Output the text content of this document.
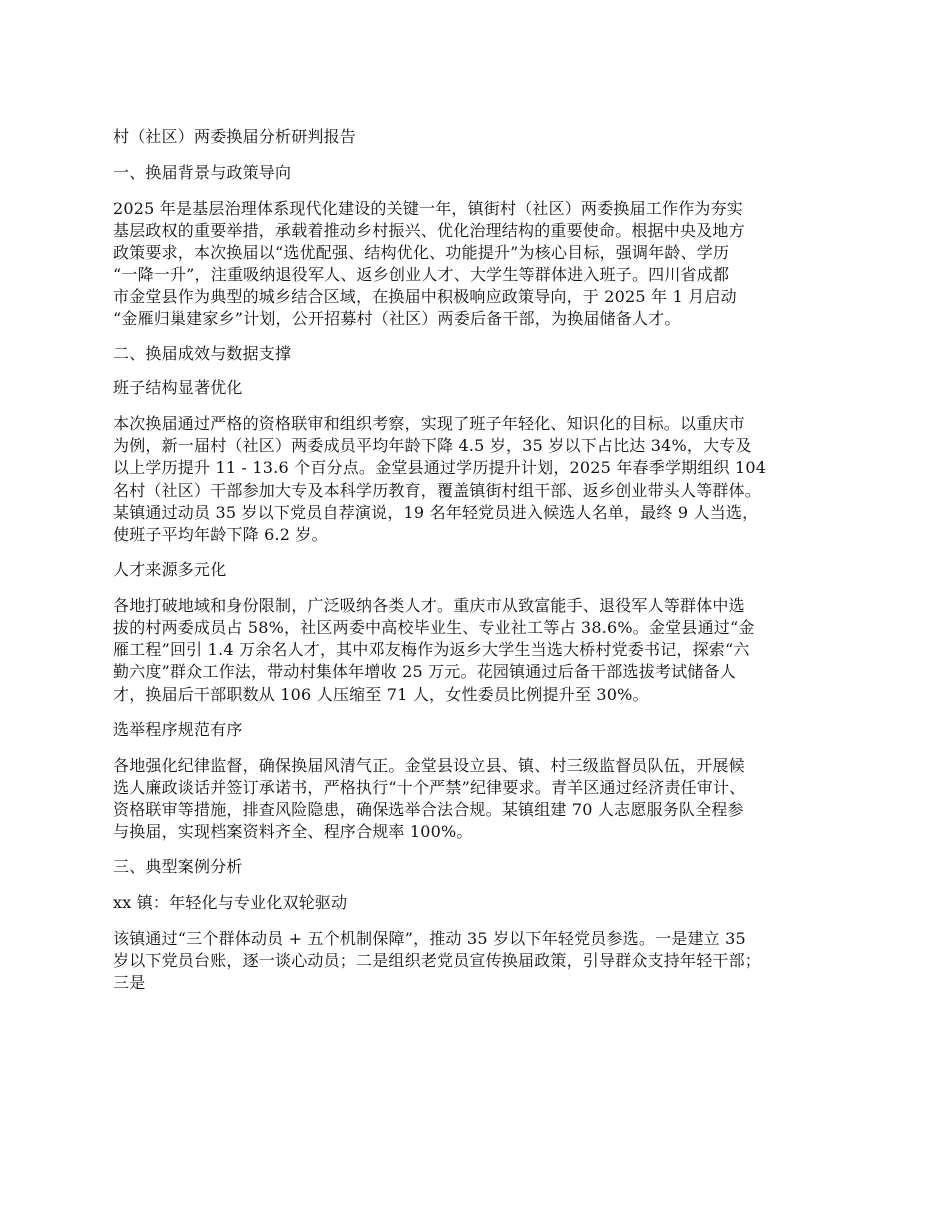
村（社区）两委换届分析研判报告
一、换届背景与政策导向
2025 年是基层治理体系现代化建设的关键一年，镇街村（社区）两委换届工作作为夯实
基层政权的重要举措，承载着推动乡村振兴、优化治理结构的重要使命。根据中央及地方
政策要求，本次换届以“选优配强、结构优化、功能提升”为核心目标，强调年龄、学历
“一降一升”，注重吸纳退役军人、返乡创业人才、大学生等群体进入班子。四川省成都
市金堂县作为典型的城乡结合区域，在换届中积极响应政策导向，于 2025 年 1 月启动
“金雁归巢建家乡”计划，公开招募村（社区）两委后备干部，为换届储备人才。
二、换届成效与数据支撑
班子结构显著优化
本次换届通过严格的资格联审和组织考察，实现了班子年轻化、知识化的目标。以重庆市
为例，新一届村（社区）两委成员平均年龄下降 4.5 岁，35 岁以下占比达 34%，大专及
以上学历提升 11 - 13.6 个百分点。金堂县通过学历提升计划，2025 年春季学期组织 104
名村（社区）干部参加大专及本科学历教育，覆盖镇街村组干部、返乡创业带头人等群体。
某镇通过动员 35 岁以下党员自荐演说，19 名年轻党员进入候选人名单，最终 9 人当选，
使班子平均年龄下降 6.2 岁。
人才来源多元化
各地打破地域和身份限制，广泛吸纳各类人才。重庆市从致富能手、退役军人等群体中选
拔的村两委成员占 58%，社区两委中高校毕业生、专业社工等占 38.6%。金堂县通过“金
雁工程”回引 1.4 万余名人才，其中邓友梅作为返乡大学生当选大桥村党委书记，探索“六
勤六度”群众工作法，带动村集体年增收 25 万元。花园镇通过后备干部选拔考试储备人
才，换届后干部职数从 106 人压缩至 71 人，女性委员比例提升至 30%。
选举程序规范有序
各地强化纪律监督，确保换届风清气正。金堂县设立县、镇、村三级监督员队伍，开展候
选人廉政谈话并签订承诺书，严格执行“十个严禁”纪律要求。青羊区通过经济责任审计、
资格联审等措施，排查风险隐患，确保选举合法合规。某镇组建 70 人志愿服务队全程参
与换届，实现档案资料齐全、程序合规率 100%。
三、典型案例分析
xx 镇：年轻化与专业化双轮驱动
该镇通过“三个群体动员 + 五个机制保障”，推动 35 岁以下年轻党员参选。一是建立 35
岁以下党员台账，逐一谈心动员；二是组织老党员宣传换届政策，引导群众支持年轻干部；
三是
